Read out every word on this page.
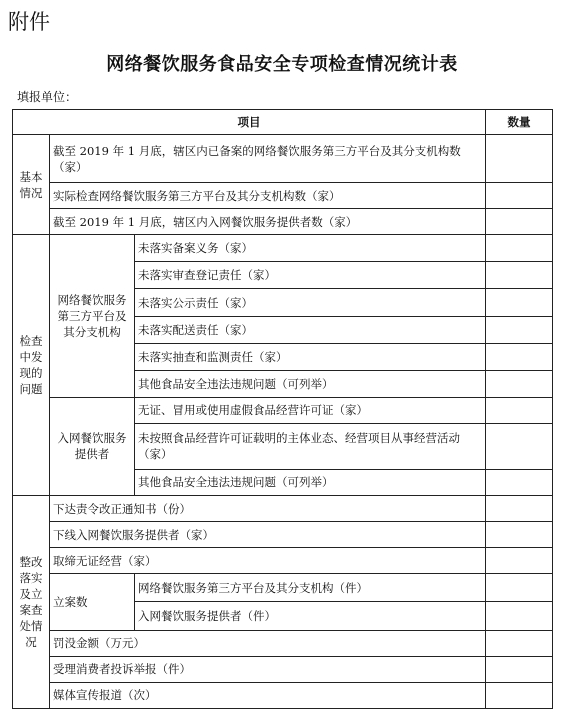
附件
网络餐饮服务食品安全专项检查情况统计表
填报单位：
项目			数量
基本情况	截至 2019 年 1 月底，辖区内已备案的网络餐饮服务第三方平台及其分支机构数（家）		
	实际检查网络餐饮服务第三方平台及其分支机构数（家）		
	截至 2019 年 1 月底，辖区内入网餐饮服务提供者数（家）		
检查中发现的问题	网络餐饮服务第三方平台及其分支机构	未落实备案义务（家）	
		未落实审查登记责任（家）	
		未落实公示责任（家）	
		未落实配送责任（家）	
		未落实抽查和监测责任（家）	
		其他食品安全违法违规问题（可列举）	
	入网餐饮服务提供者	无证、冒用或使用虚假食品经营许可证（家）	
		未按照食品经营许可证载明的主体业态、经营项目从事经营活动（家）	
		其他食品安全违法违规问题（可列举）	
整改落实及立案查处情况	下达责令改正通知书（份）		
	下线入网餐饮服务提供者（家）		
	取缔无证经营（家）		
	立案数	网络餐饮服务第三方平台及其分支机构（件）	
		入网餐饮服务提供者（件）	
	罚没金额（万元）		
	受理消费者投诉举报（件）		
	媒体宣传报道（次）		
